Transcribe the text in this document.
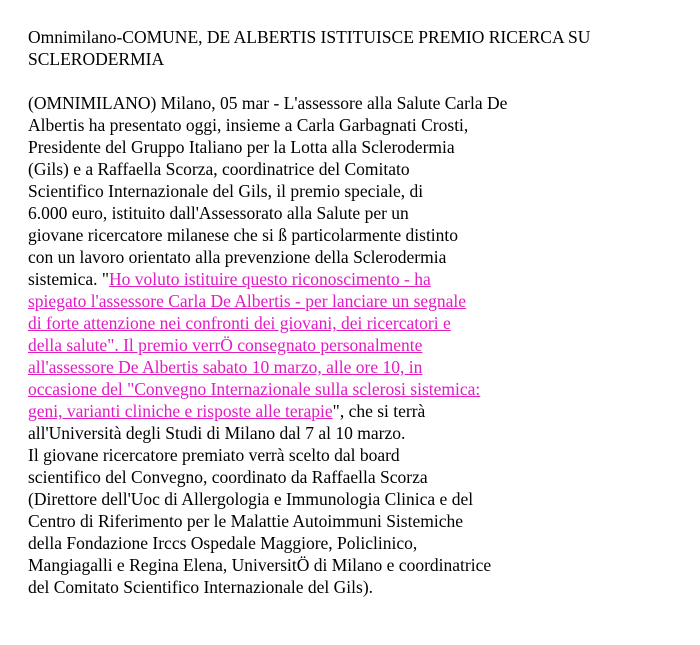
Omnimilano-COMUNE, DE ALBERTIS ISTITUISCE PREMIO RICERCA SU
SCLERODERMIA
(OMNIMILANO) Milano, 05 mar - L'assessore alla Salute Carla De
Albertis ha presentato oggi, insieme a Carla Garbagnati Crosti,
Presidente del Gruppo Italiano per la Lotta alla Sclerodermia
(Gils) e a Raffaella Scorza, coordinatrice del Comitato
Scientifico Internazionale del Gils, il premio speciale, di
6.000 euro, istituito dall'Assessorato alla Salute per un
giovane ricercatore milanese che si ß particolarmente distinto
con un lavoro orientato alla prevenzione della Sclerodermia
sistemica. "Ho voluto istituire questo riconoscimento - ha
spiegato l'assessore Carla De Albertis - per lanciare un segnale
di forte attenzione nei confronti dei giovani, dei ricercatori e
della salute". Il premio verrÖ consegnato personalmente
all'assessore De Albertis sabato 10 marzo, alle ore 10, in
occasione del "Convegno Internazionale sulla sclerosi sistemica:
geni, varianti cliniche e risposte alle terapie", che si terrà
all'Università degli Studi di Milano dal 7 al 10 marzo.
Il giovane ricercatore premiato verrà scelto dal board
scientifico del Convegno, coordinato da Raffaella Scorza
(Direttore dell'Uoc di Allergologia e Immunologia Clinica e del
Centro di Riferimento per le Malattie Autoimmuni Sistemiche
della Fondazione Irccs Ospedale Maggiore, Policlinico,
Mangiagalli e Regina Elena, UniversitÖ di Milano e coordinatrice
del Comitato Scientifico Internazionale del Gils).
